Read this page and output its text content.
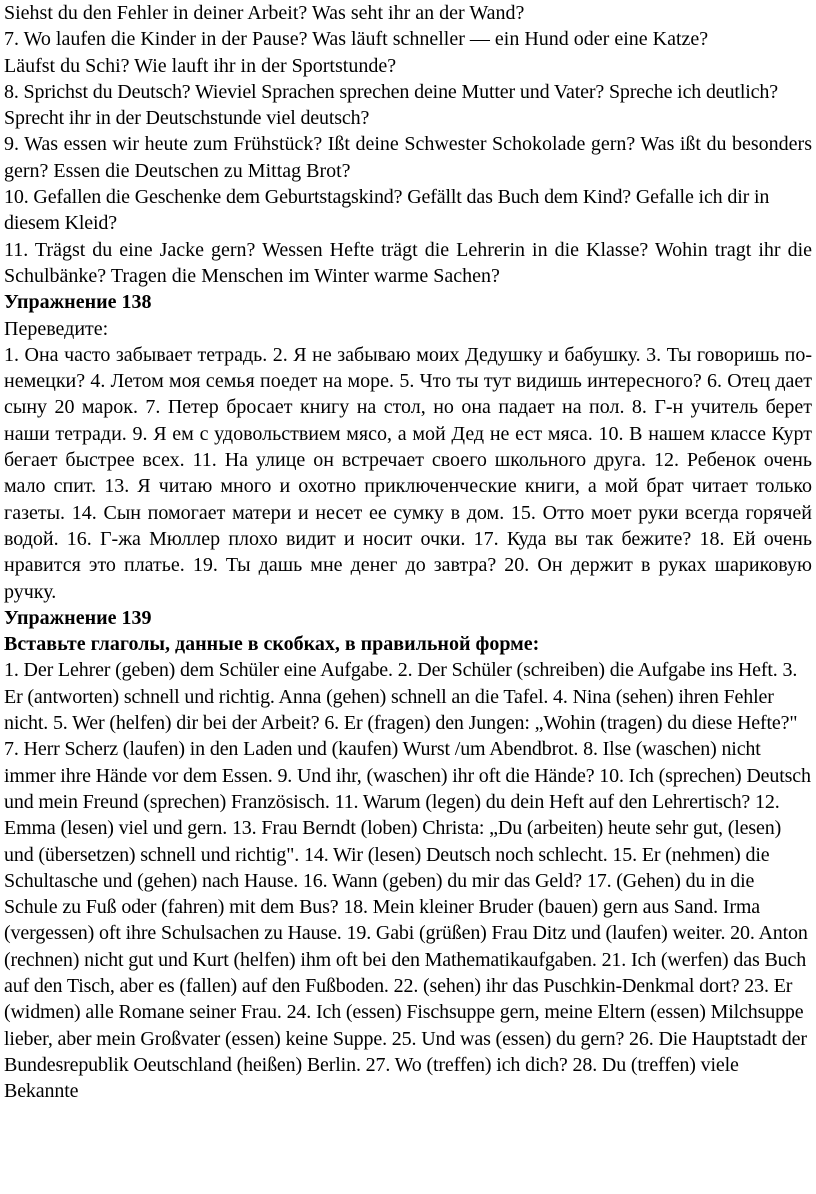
Siehst du den Fehler in deiner Arbeit? Was seht ihr an der Wand?

7. Wo laufen die Kinder in der Pause? Was läuft schneller — ein Hund oder eine Katze?

Läufst du Schi? Wie lauft ihr in der Sportstunde?

8. Sprichst du Deutsch? Wieviel Sprachen sprechen deine Mutter und Vater? Spreche ich deutlich? Sprecht ihr in der Deutschstunde viel deutsch?

9. Was essen wir heute zum Frühstück? Ißt deine Schwester Schokolade gern? Was ißt du besonders gern? Essen die Deutschen zu Mittag Brot?

10. Gefallen die Geschenke dem Geburtstagskind? Gefällt das Buch dem Kind? Gefalle ich dir in diesem Kleid?

11. Trägst du eine Jacke gern? Wessen Hefte trägt die Lehrerin in die Klasse? Wohin tragt ihr die Schulbänke? Tragen die Menschen im Winter warme Sachen?

Упражнение 138

Переведите:

1. Она часто забывает тетрадь. 2. Я не забываю моих Дедушку и бабушку. 3. Ты говоришь по-немецки? 4. Летом моя семья поедет на море. 5. Что ты тут видишь интересного? 6. Отец дает сыну 20 марок. 7. Петер бросает книгу на стол, но она падает на пол. 8. Г-н учитель берет наши тетради. 9. Я ем с удовольствием мясо, а мой Дед не ест мяса. 10. В нашем классе Курт бегает быстрее всех. 11. На улице он встречает своего школьного друга. 12. Ребенок очень мало спит. 13. Я читаю много и охотно приключенческие книги, а мой брат читает только газеты. 14. Сын помогает матери и несет ее сумку в дом. 15. Отто моет руки всегда горячей водой. 16. Г-жа Мюллер плохо видит и носит очки. 17. Куда вы так бежите? 18. Ей очень нравится это платье. 19. Ты дашь мне денег до завтра? 20. Он держит в руках шариковую ручку.

Упражнение 139

Вставьте глаголы, данные в скобках, в правильной форме:

1. Der Lehrer (geben) dem Schüler eine Aufgabe. 2. Der Schüler (schreiben) die Aufgabe ins Heft. 3. Er (antworten) schnell und richtig. Anna (gehen) schnell an die Tafel. 4. Nina (sehen) ihren Fehler nicht. 5. Wer (helfen) dir bei der Arbeit? 6. Er (fragen) den Jungen: „Wohin (tragen) du diese Hefte?" 7. Herr Scherz (laufen) in den Laden und (kaufen) Wurst /um Abendbrot. 8. Ilse (waschen) nicht immer ihre Hände vor dem Essen. 9. Und ihr, (waschen) ihr oft die Hände? 10. Ich (sprechen) Deutsch und mein Freund (sprechen) Französisch. 11. Warum (legen) du dein Heft auf den Lehrertisch? 12. Emma (lesen) viel und gern. 13. Frau Berndt (loben) Christa: „Du (arbeiten) heute sehr gut, (lesen) und (übersetzen) schnell und richtig". 14. Wir (lesen) Deutsch noch schlecht. 15. Er (nehmen) die Schultasche und (gehen) nach Hause. 16. Wann (geben) du mir das Geld? 17. (Gehen) du in die Schule zu Fuß oder (fahren) mit dem Bus? 18. Mein kleiner Bruder (bauen) gern aus Sand. Irma (vergessen) oft ihre Schulsachen zu Hause. 19. Gabi (grüßen) Frau Ditz und (laufen) weiter. 20. Anton (rechnen) nicht gut und Kurt (helfen) ihm oft bei den Mathematikaufgaben. 21. Ich (werfen) das Buch auf den Tisch, aber es (fallen) auf den Fußboden. 22. (sehen) ihr das Puschkin-Denkmal dort? 23. Er (widmen) alle Romane seiner Frau. 24. Ich (essen) Fischsuppe gern, meine Eltern (essen) Milchsuppe lieber, aber mein Großvater (essen) keine Suppe. 25. Und was (essen) du gern? 26. Die Hauptstadt der Bundesrepublik Oeutschland (heißen) Berlin. 27. Wo (treffen) ich dich? 28. Du (treffen) viele Bekannte
